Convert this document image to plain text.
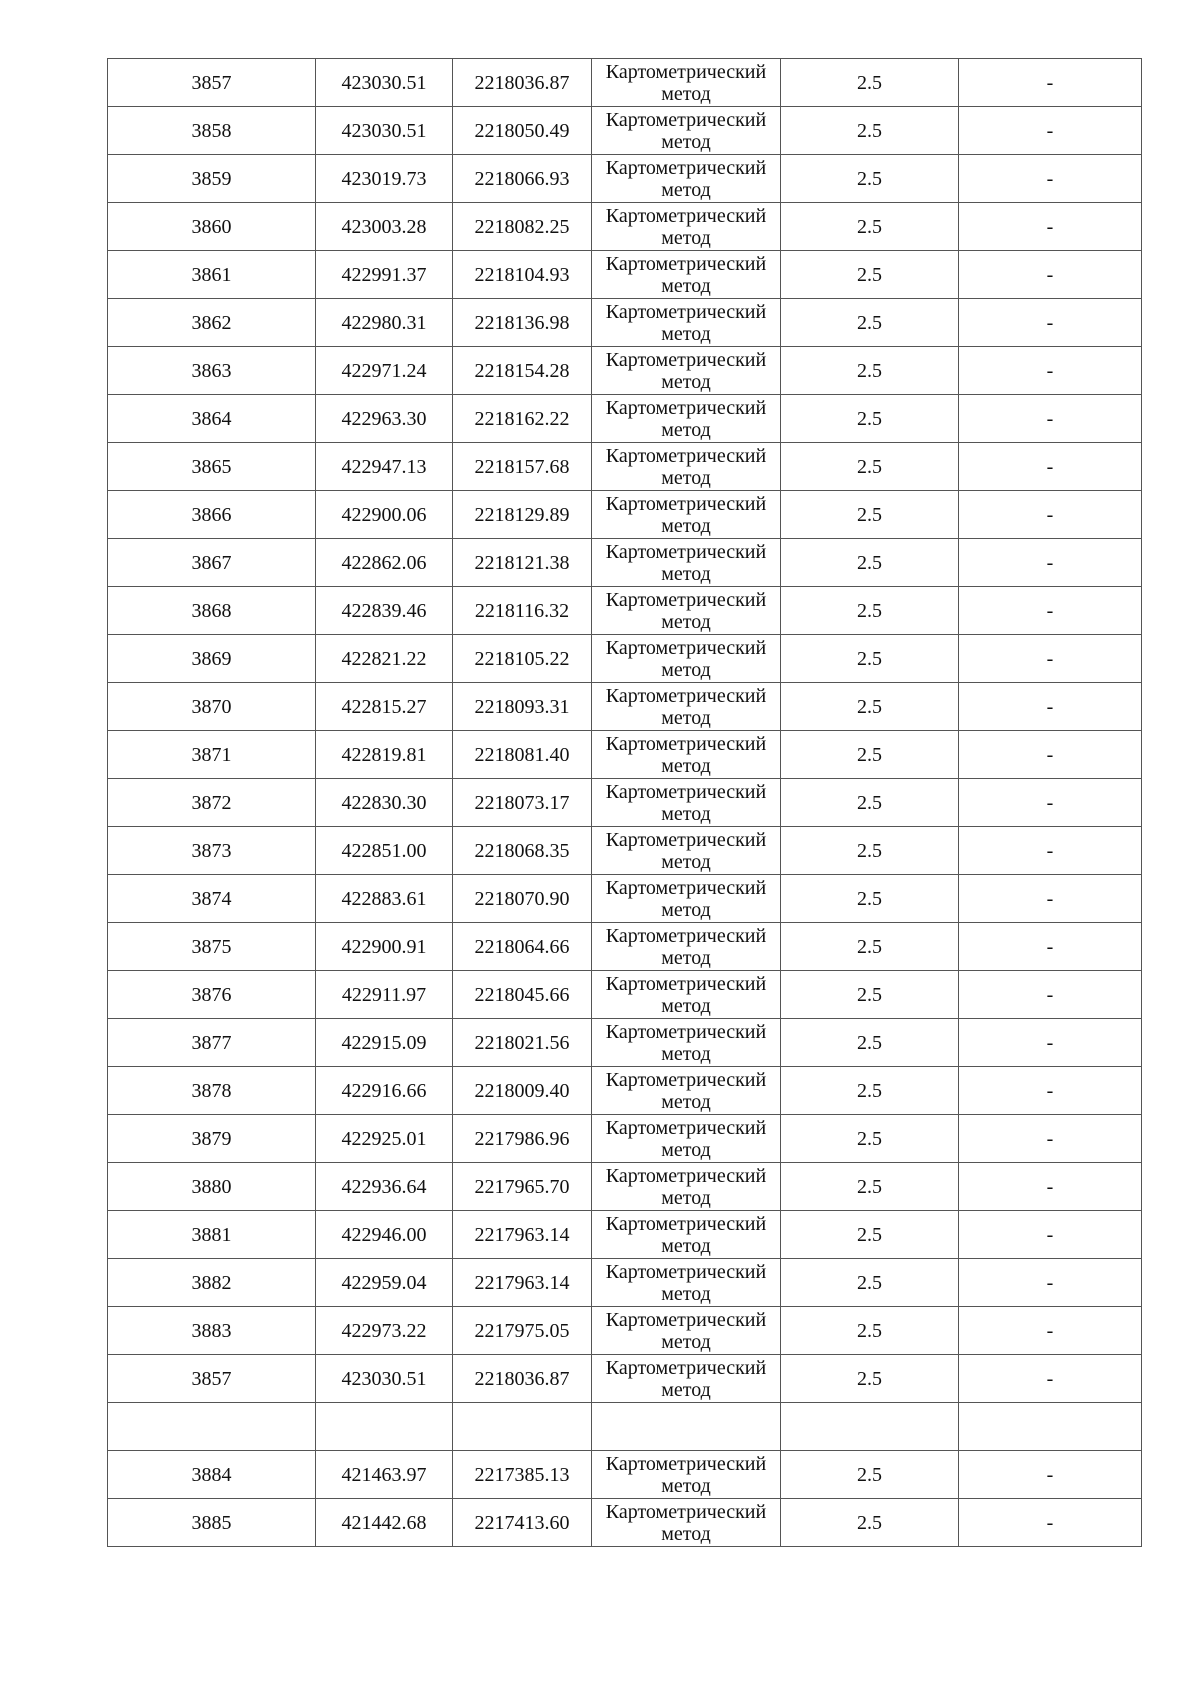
3857	423030.51	2218036.87	Картометрический
метод	2.5	-
3858	423030.51	2218050.49	Картометрический
метод	2.5	-
3859	423019.73	2218066.93	Картометрический
метод	2.5	-
3860	423003.28	2218082.25	Картометрический
метод	2.5	-
3861	422991.37	2218104.93	Картометрический
метод	2.5	-
3862	422980.31	2218136.98	Картометрический
метод	2.5	-
3863	422971.24	2218154.28	Картометрический
метод	2.5	-
3864	422963.30	2218162.22	Картометрический
метод	2.5	-
3865	422947.13	2218157.68	Картометрический
метод	2.5	-
3866	422900.06	2218129.89	Картометрический
метод	2.5	-
3867	422862.06	2218121.38	Картометрический
метод	2.5	-
3868	422839.46	2218116.32	Картометрический
метод	2.5	-
3869	422821.22	2218105.22	Картометрический
метод	2.5	-
3870	422815.27	2218093.31	Картометрический
метод	2.5	-
3871	422819.81	2218081.40	Картометрический
метод	2.5	-
3872	422830.30	2218073.17	Картометрический
метод	2.5	-
3873	422851.00	2218068.35	Картометрический
метод	2.5	-
3874	422883.61	2218070.90	Картометрический
метод	2.5	-
3875	422900.91	2218064.66	Картометрический
метод	2.5	-
3876	422911.97	2218045.66	Картометрический
метод	2.5	-
3877	422915.09	2218021.56	Картометрический
метод	2.5	-
3878	422916.66	2218009.40	Картометрический
метод	2.5	-
3879	422925.01	2217986.96	Картометрический
метод	2.5	-
3880	422936.64	2217965.70	Картометрический
метод	2.5	-
3881	422946.00	2217963.14	Картометрический
метод	2.5	-
3882	422959.04	2217963.14	Картометрический
метод	2.5	-
3883	422973.22	2217975.05	Картометрический
метод	2.5	-
3857	423030.51	2218036.87	Картометрический
метод	2.5	-

3884	421463.97	2217385.13	Картометрический
метод	2.5	-
3885	421442.68	2217413.60	Картометрический
метод	2.5	-
